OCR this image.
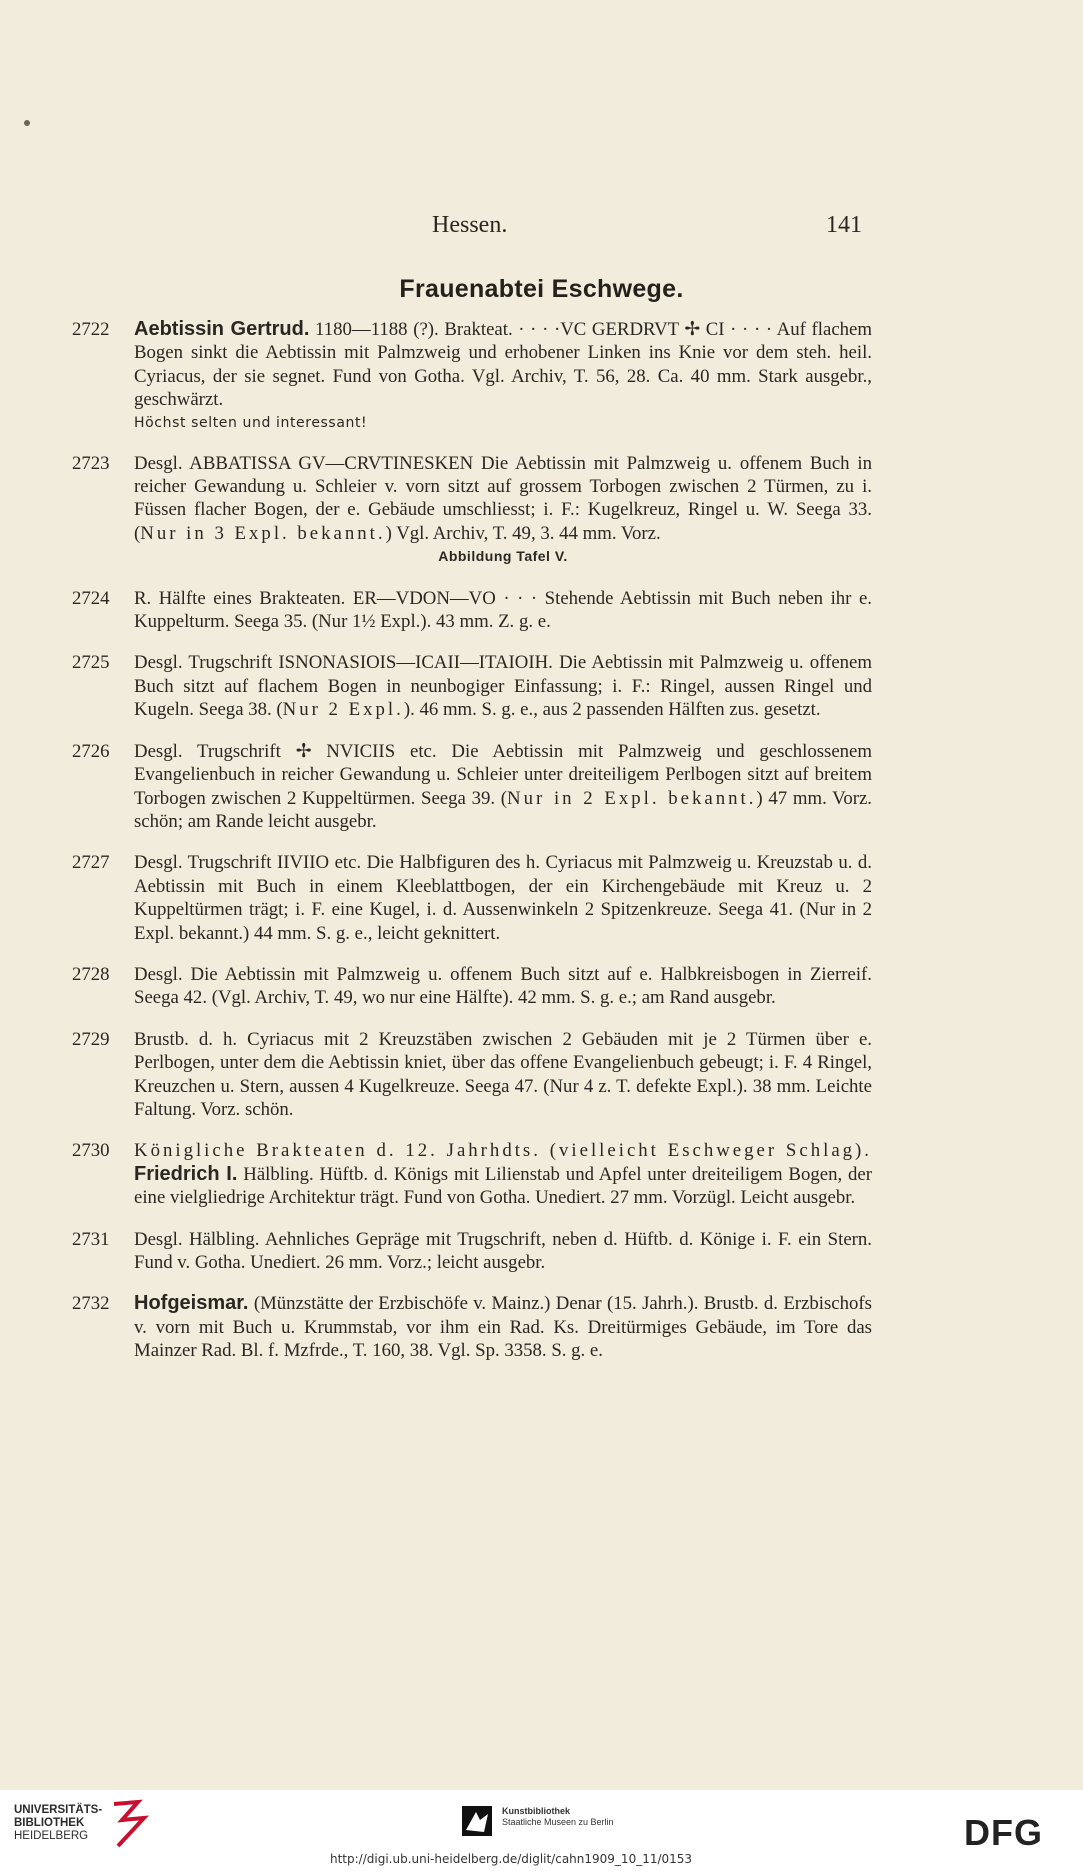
Hessen.	141
Frauenabtei Eschwege.
2722	Aebtissin Gertrud. 1180—1188 (?). Brakteat. · · · ·VC GERDRVT ✢ CI · · · · Auf flachem Bogen sinkt die Aebtissin mit Palmzweig und erhobener Linken ins Knie vor dem steh. heil. Cyriacus, der sie segnet. Fund von Gotha. Vgl. Archiv, T. 56, 28. Ca. 40 mm. Stark ausgebr., geschwärzt.

Höchst selten und interessant!

2723	Desgl. ABBATISSA GV—CRVTINESKEN Die Aebtissin mit Palmzweig u. offenem Buch in reicher Gewandung u. Schleier v. vorn sitzt auf grossem Torbogen zwischen 2 Türmen, zu i. Füssen flacher Bogen, der e. Gebäude umschliesst; i. F.: Kugelkreuz, Ringel u. W. Seega 33. (Nur in 3 Expl. bekannt.) Vgl. Archiv, T. 49, 3. 44 mm. Vorz.

Abbildung Tafel V.

2724	R. Hälfte eines Brakteaten. ER—VDON—VO · · · Stehende Aebtissin mit Buch neben ihr e. Kuppelturm. Seega 35. (Nur 1½ Expl.). 43 mm. Z. g. e.

2725	Desgl. Trugschrift ISNONASIOIS—ICAII—ITAIOIH. Die Aebtissin mit Palmzweig u. offenem Buch sitzt auf flachem Bogen in neunbogiger Einfassung; i. F.: Ringel, aussen Ringel und Kugeln. Seega 38. (Nur 2 Expl.). 46 mm. S. g. e., aus 2 passenden Hälften zus. gesetzt.

2726	Desgl. Trugschrift ✢ NVICIIS etc. Die Aebtissin mit Palmzweig und geschlossenem Evangelienbuch in reicher Gewandung u. Schleier unter dreiteiligem Perlbogen sitzt auf breitem Torbogen zwischen 2 Kuppeltürmen. Seega 39. (Nur in 2 Expl. bekannt.) 47 mm. Vorz. schön; am Rande leicht ausgebr.

2727	Desgl. Trugschrift IIVIIO etc. Die Halbfiguren des h. Cyriacus mit Palmzweig u. Kreuzstab u. d. Aebtissin mit Buch in einem Kleeblattbogen, der ein Kirchengebäude mit Kreuz u. 2 Kuppeltürmen trägt; i. F. eine Kugel, i. d. Aussenwinkeln 2 Spitzenkreuze. Seega 41. (Nur in 2 Expl. bekannt.) 44 mm. S. g. e., leicht geknittert.

2728	Desgl. Die Aebtissin mit Palmzweig u. offenem Buch sitzt auf e. Halbkreisbogen in Zierreif. Seega 42. (Vgl. Archiv, T. 49, wo nur eine Hälfte). 42 mm. S. g. e.; am Rand ausgebr.

2729	Brustb. d. h. Cyriacus mit 2 Kreuzstäben zwischen 2 Gebäuden mit je 2 Türmen über e. Perlbogen, unter dem die Aebtissin kniet, über das offene Evangelienbuch gebeugt; i. F. 4 Ringel, Kreuzchen u. Stern, aussen 4 Kugelkreuze. Seega 47. (Nur 4 z. T. defekte Expl.). 38 mm. Leichte Faltung. Vorz. schön.

2730	Königliche Brakteaten d. 12. Jahrhdts. (vielleicht Eschweger Schlag). Friedrich I. Hälbling. Hüftb. d. Königs mit Lilienstab und Apfel unter dreiteiligem Bogen, der eine vielgliedrige Architektur trägt. Fund von Gotha. Unediert. 27 mm. Vorzügl. Leicht ausgebr.

2731	Desgl. Hälbling. Aehnliches Gepräge mit Trugschrift, neben d. Hüftb. d. Könige i. F. ein Stern. Fund v. Gotha. Unediert. 26 mm. Vorz.; leicht ausgebr.

2732	Hofgeismar. (Münzstätte der Erzbischöfe v. Mainz.) Denar (15. Jahrh.). Brustb. d. Erzbischofs v. vorn mit Buch u. Krummstab, vor ihm ein Rad. Ks. Dreitürmiges Gebäude, im Tore das Mainzer Rad. Bl. f. Mzfrde., T. 160, 38. Vgl. Sp. 3358. S. g. e.

UNIVERSITÄTS-
BIBLIOTHEK
HEIDELBERG
Kunstbibliothek
Staatliche Museen zu Berlin	DFG
http://digi.ub.uni-heidelberg.de/diglit/cahn1909_10_11/0153
